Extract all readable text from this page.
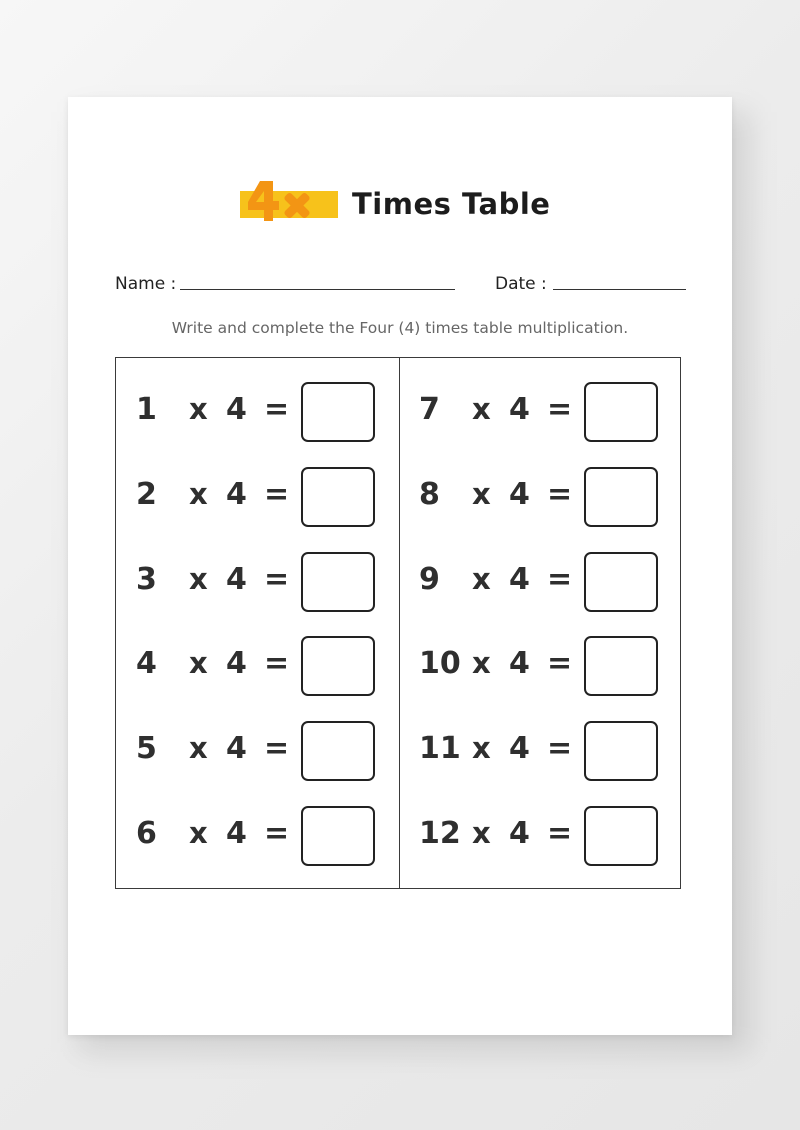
Times Table
Name :	Date :
Write and complete the Four (4) times table multiplication.
1	x 4 =
2	x 4 =
3	x 4 =
4	x 4 =
5	x 4 =
6	x 4 =
7	x 4 =
8	x 4 =
9	x 4 =
10 x 4 =
11 x 4 =
12 x 4 =
